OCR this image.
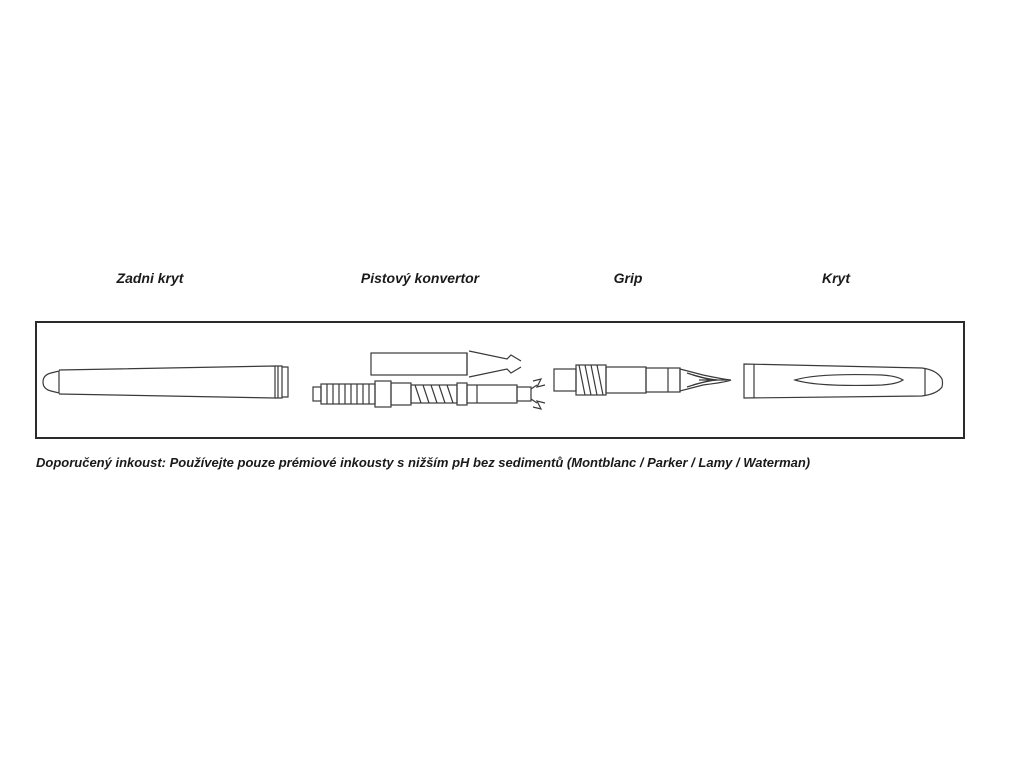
Zadni kryt	Pistový konvertor	Grip	Kryt
Doporučený inkoust: Používejte pouze prémiové inkousty s nižším pH bez sedimentů (Montblanc / Parker / Lamy / Waterman)
